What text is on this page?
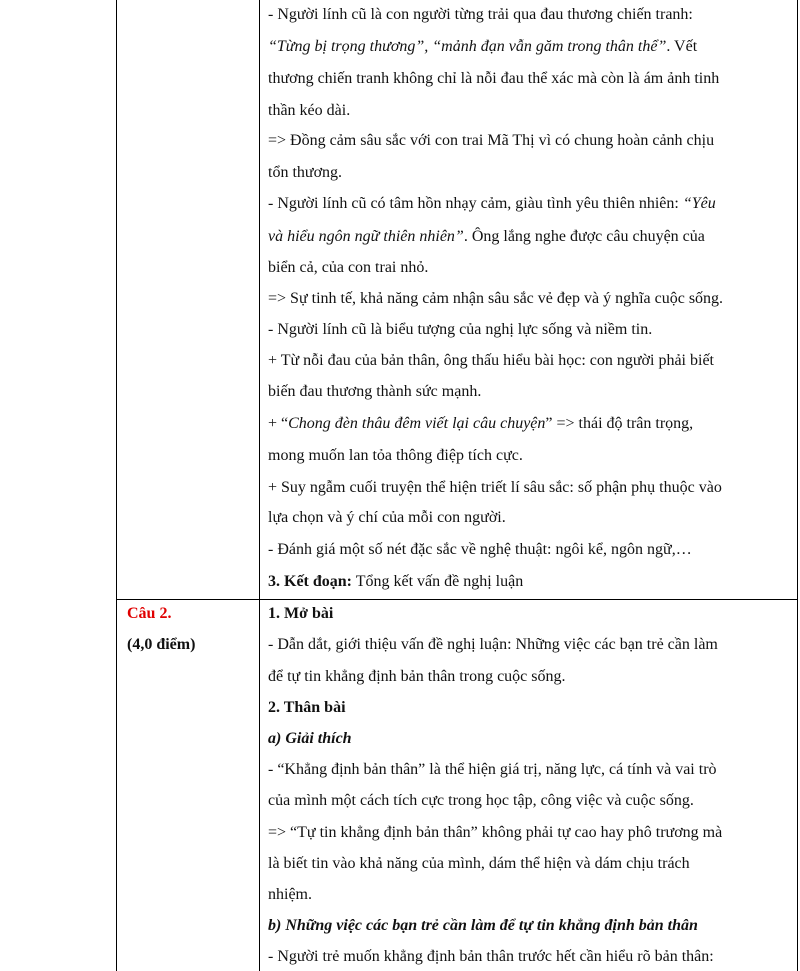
- Người lính cũ là con người từng trải qua đau thương chiến tranh:
“Từng bị trọng thương”, “mảnh đạn vẫn găm trong thân thể”. Vết
thương chiến tranh không chỉ là nỗi đau thể xác mà còn là ám ảnh tinh
thần kéo dài.
=> Đồng cảm sâu sắc với con trai Mã Thị vì có chung hoàn cảnh chịu
tổn thương.
- Người lính cũ có tâm hồn nhạy cảm, giàu tình yêu thiên nhiên: “Yêu
và hiểu ngôn ngữ thiên nhiên”. Ông lắng nghe được câu chuyện của
biển cả, của con trai nhỏ.
=> Sự tinh tế, khả năng cảm nhận sâu sắc vẻ đẹp và ý nghĩa cuộc sống.
- Người lính cũ là biểu tượng của nghị lực sống và niềm tin.
+ Từ nỗi đau của bản thân, ông thấu hiểu bài học: con người phải biết
biến đau thương thành sức mạnh.
+ “Chong đèn thâu đêm viết lại câu chuyện” => thái độ trân trọng,
mong muốn lan tỏa thông điệp tích cực.
+ Suy ngẫm cuối truyện thể hiện triết lí sâu sắc: số phận phụ thuộc vào
lựa chọn và ý chí của mỗi con người.
- Đánh giá một số nét đặc sắc về nghệ thuật: ngôi kể, ngôn ngữ,…
3. Kết đoạn: Tổng kết vấn đề nghị luận
Câu 2.
(4,0 điểm)
1. Mở bài
- Dẫn dắt, giới thiệu vấn đề nghị luận: Những việc các bạn trẻ cần làm
để tự tin khẳng định bản thân trong cuộc sống.
2. Thân bài
a) Giải thích
- “Khẳng định bản thân” là thể hiện giá trị, năng lực, cá tính và vai trò
của mình một cách tích cực trong học tập, công việc và cuộc sống.
=> “Tự tin khẳng định bản thân” không phải tự cao hay phô trương mà
là biết tin vào khả năng của mình, dám thể hiện và dám chịu trách
nhiệm.
b) Những việc các bạn trẻ cần làm để tự tin khẳng định bản thân
- Người trẻ muốn khẳng định bản thân trước hết cần hiểu rõ bản thân:
